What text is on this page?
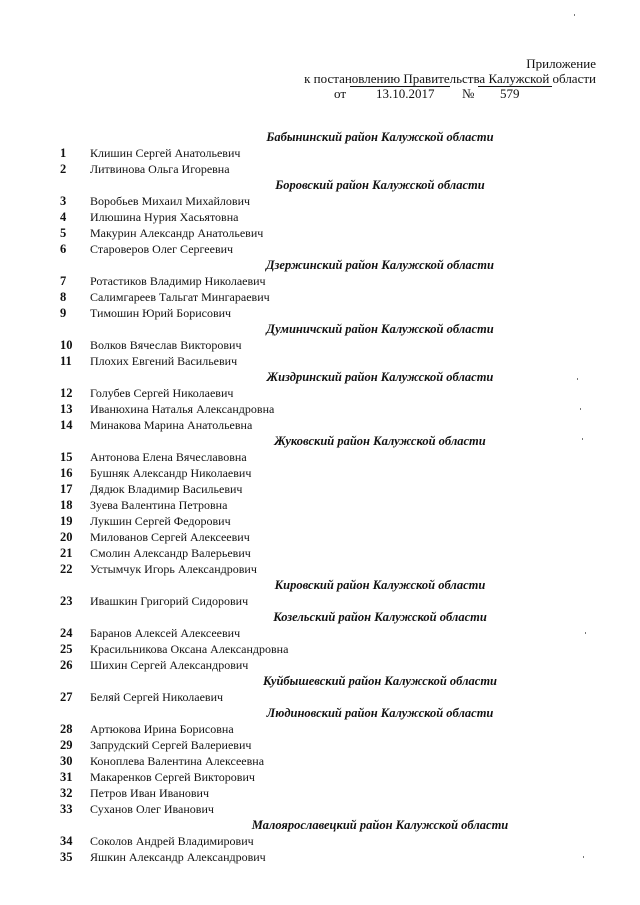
Приложение
к постановлению Правительства Калужской области
от 13.10.2017 № 579
Бабынинский район Калужской области
1	Клишин Сергей Анатольевич
2	Литвинова Ольга Игоревна
Боровский район Калужской области
3	Воробьев Михаил Михайлович
4	Илюшина Нурия Хасьятовна
5	Макурин Александр Анатольевич
6	Староверов Олег Сергеевич
Дзержинский район Калужской области
7	Ротастиков Владимир Николаевич
8	Салимгареев Тальгат Мингараевич
9	Тимошин Юрий Борисович
Думиничский район Калужской области
10	Волков Вячеслав Викторович
11	Плохих Евгений Васильевич
Жиздринский район Калужской области
12	Голубев Сергей Николаевич
13	Иванюхина Наталья Александровна
14	Минакова Марина Анатольевна
Жуковский район Калужской области
15	Антонова Елена Вячеславовна
16	Бушняк Александр Николаевич
17	Дядюк Владимир Васильевич
18	Зуева Валентина Петровна
19	Лукшин Сергей Федорович
20	Милованов Сергей Алексеевич
21	Смолин Александр Валерьевич
22	Устымчук Игорь Александрович
Кировский район Калужской области
23	Ивашкин Григорий Сидорович
Козельский район Калужской области
24	Баранов Алексей Алексеевич
25	Красильникова Оксана Александровна
26	Шихин Сергей Александрович
Куйбышевский район Калужской области
27	Беляй Сергей Николаевич
Людиновский район Калужской области
28	Артюкова Ирина Борисовна
29	Запрудский Сергей Валериевич
30	Коноплева Валентина Алексеевна
31	Макаренков Сергей Викторович
32	Петров Иван Иванович
33	Суханов Олег Иванович
Малоярославецкий район Калужской области
34	Соколов Андрей Владимирович
35	Яшкин Александр Александрович
